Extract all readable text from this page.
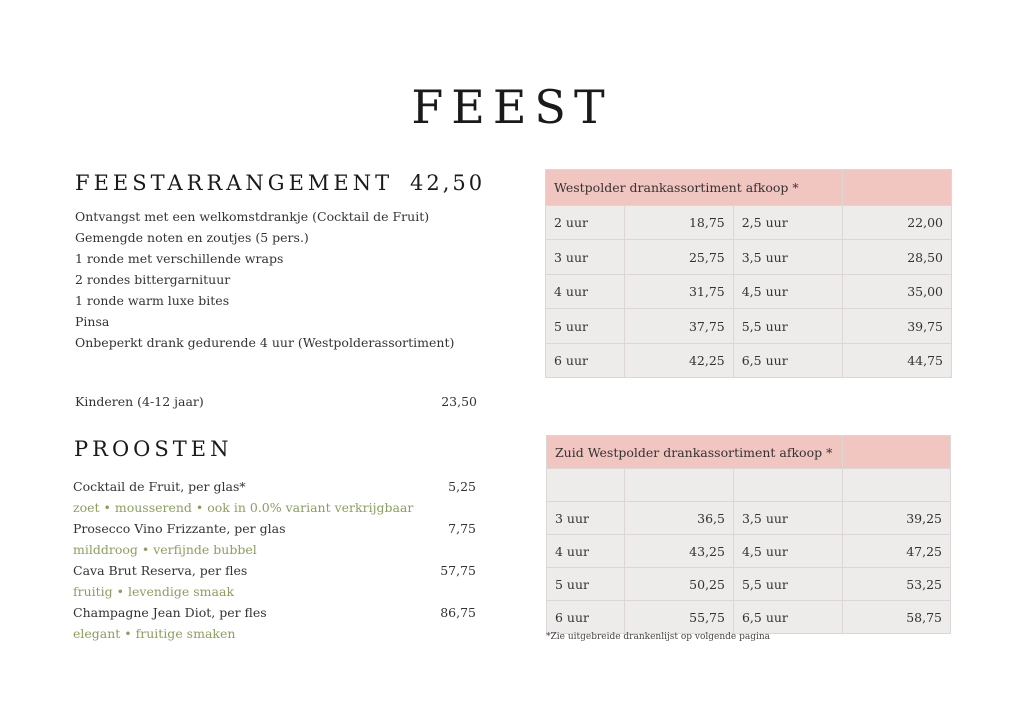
FEEST
FEESTARRANGEMENT 42,50
Ontvangst met een welkomstdrankje (Cocktail de Fruit)
Gemengde noten en zoutjes (5 pers.)
1 ronde met verschillende wraps
2 rondes bittergarnituur
1 ronde warm luxe bites
Pinsa
Onbeperkt drank gedurende 4 uur (Westpolderassortiment)
Kinderen (4-12 jaar)	23,50
PROOSTEN
Cocktail de Fruit, per glas*	5,25
zoet • mousserend • ook in 0.0% variant verkrijgbaar
Prosecco Vino Frizzante, per glas	7,75
milddroog • verfijnde bubbel
Cava Brut Reserva, per fles	57,75
fruitig • levendige smaak
Champagne Jean Diot, per fles	86,75
elegant • fruitige smaken
Westpolder drankassortiment afkoop *			
2 uur	18,75	2,5 uur	22,00
3 uur	25,75	3,5 uur	28,50
4 uur	31,75	4,5 uur	35,00
5 uur	37,75	5,5 uur	39,75
6 uur	42,25	6,5 uur	44,75
Zuid Westpolder drankassortiment afkoop *			

3 uur	36,5	3,5 uur	39,25
4 uur	43,25	4,5 uur	47,25
5 uur	50,25	5,5 uur	53,25
6 uur	55,75	6,5 uur	58,75
*Zie uitgebreide drankenlijst op volgende pagina
